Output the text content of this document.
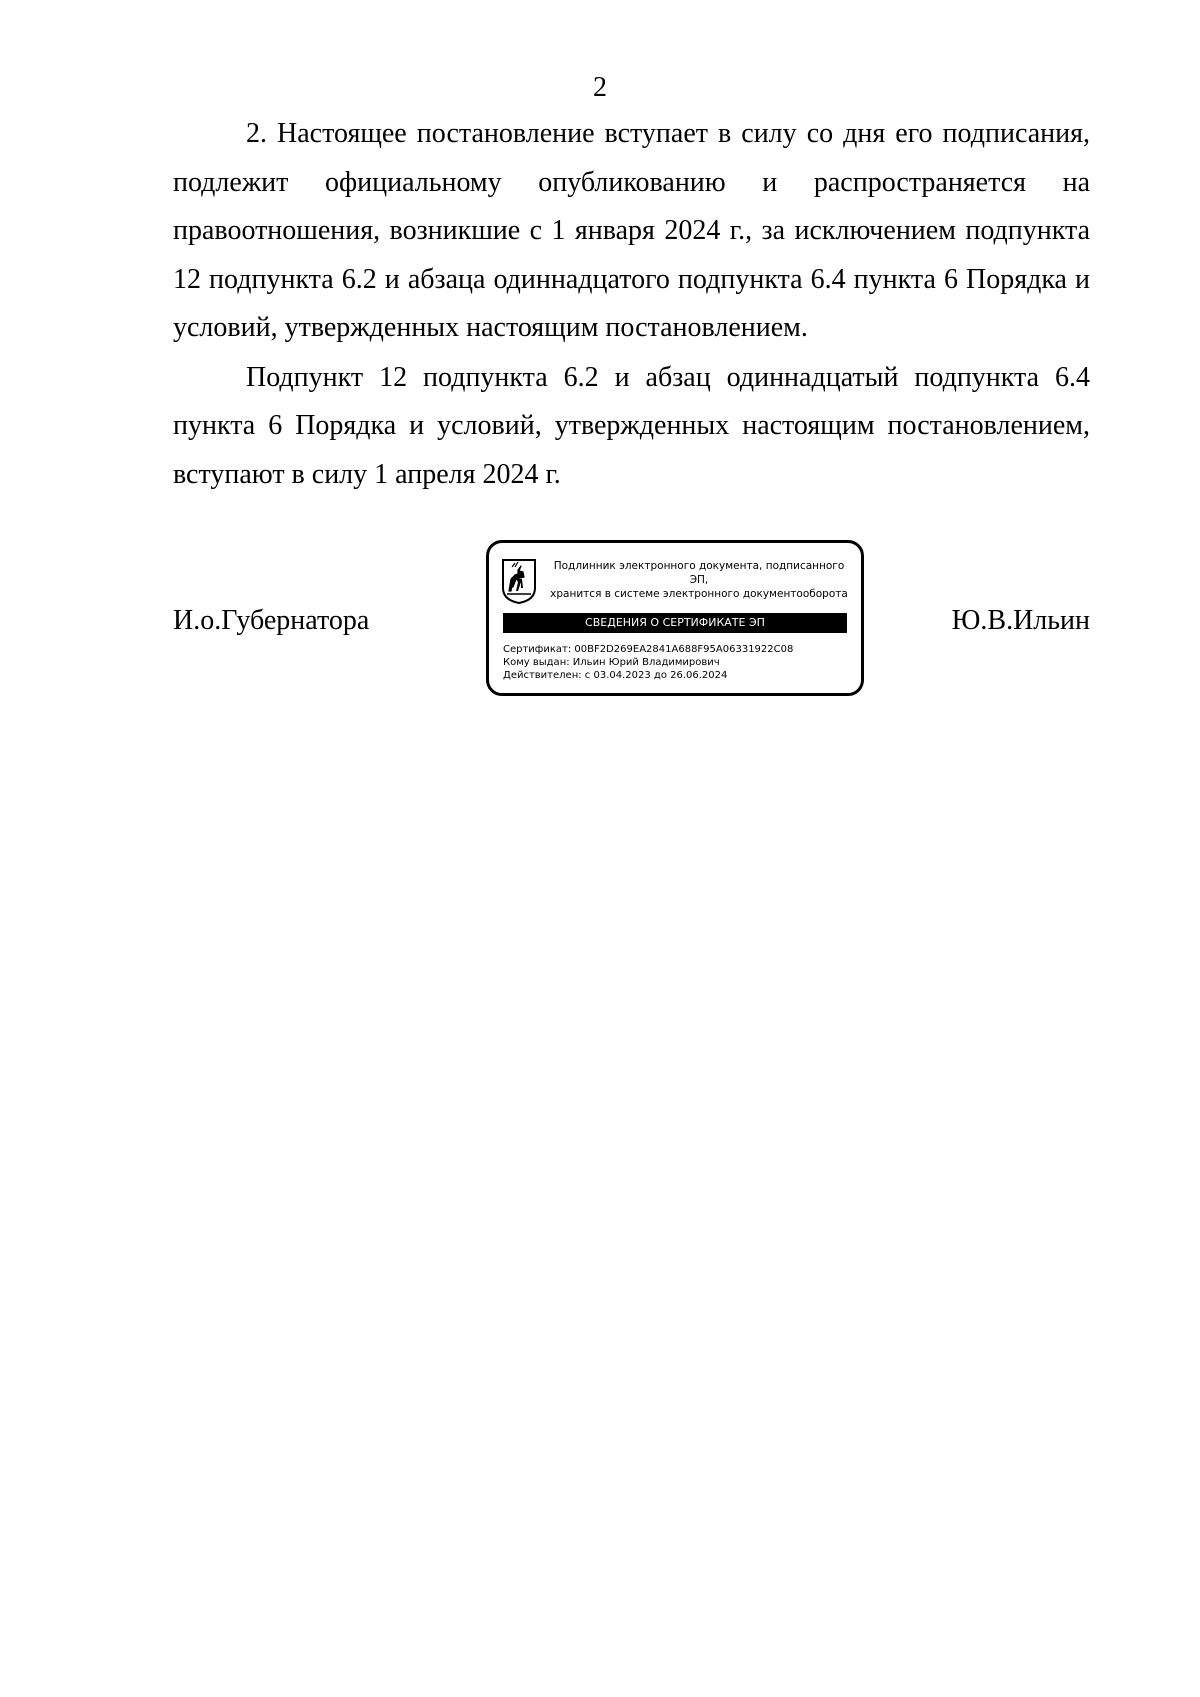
2

2. Настоящее постановление вступает в силу со дня его подписания, подлежит официальному опубликованию и распространяется на правоотношения, возникшие с 1 января 2024 г., за исключением подпункта 12 подпункта 6.2 и абзаца одиннадцатого подпункта 6.4 пункта 6 Порядка и условий, утвержденных настоящим постановлением.

Подпункт 12 подпункта 6.2 и абзац одиннадцатый подпункта 6.4 пункта 6 Порядка и условий, утвержденных настоящим постановлением, вступают в силу 1 апреля 2024 г.

И.о.Губернатора	Ю.В.Ильин
Подлинник электронного документа, подписанного ЭП,
хранится в системе электронного документооборота
СВЕДЕНИЯ О СЕРТИФИКАТЕ ЭП
Сертификат: 00BF2D269EA2841A688F95A06331922C08
Кому выдан: Ильин Юрий Владимирович
Действителен: с 03.04.2023 до 26.06.2024
